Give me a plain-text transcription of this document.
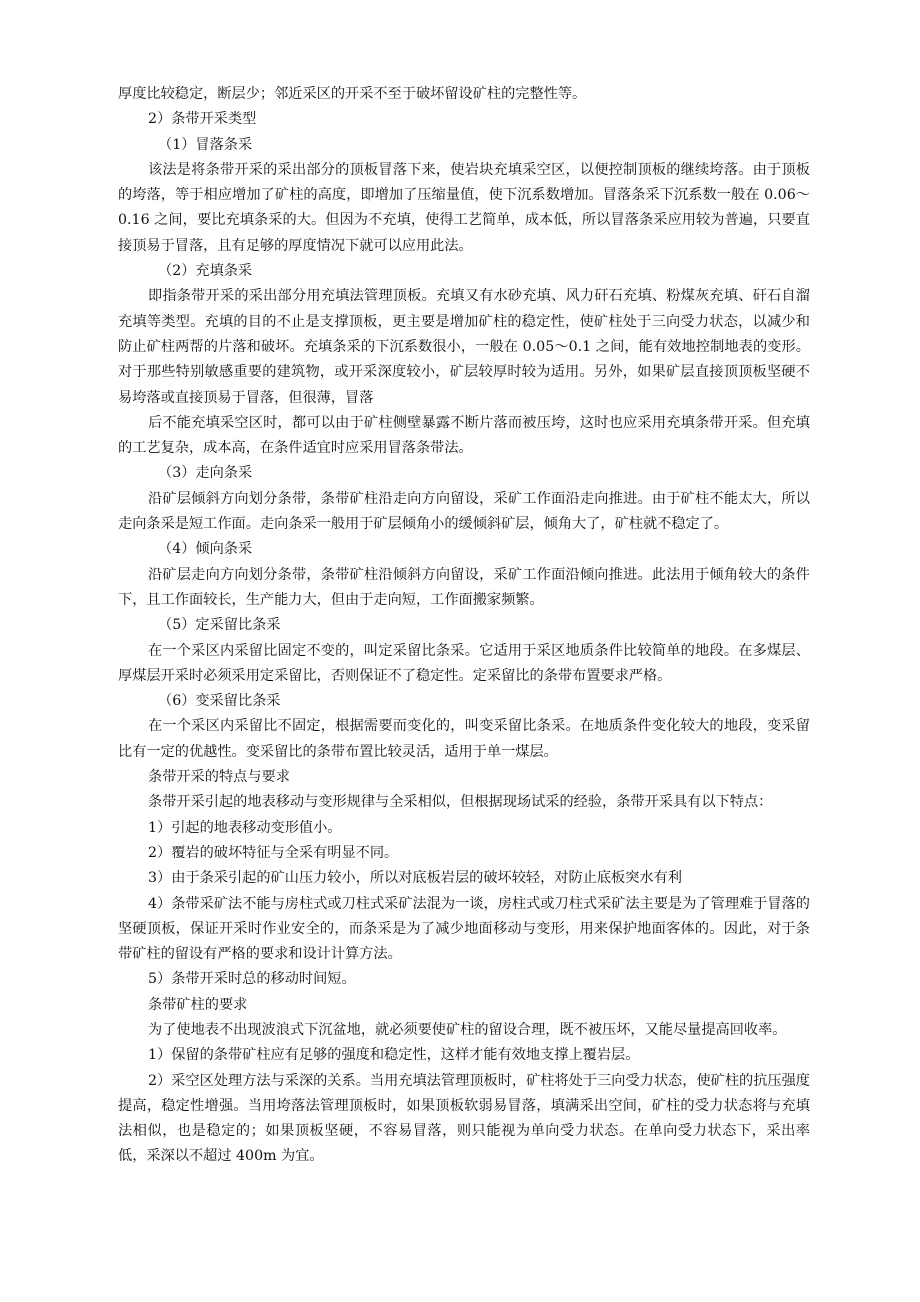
厚度比较稳定，断层少；邻近采区的开采不至于破坏留设矿柱的完整性等。

2）条带开采类型

（1）冒落条采

该法是将条带开采的采出部分的顶板冒落下来，使岩块充填采空区，以便控制顶板的继续垮落。由于顶板的垮落，等于相应增加了矿柱的高度，即增加了压缩量值，使下沉系数增加。冒落条采下沉系数一般在 0.06～0.16 之间，要比充填条采的大。但因为不充填，使得工艺简单，成本低，所以冒落条采应用较为普遍，只要直接顶易于冒落，且有足够的厚度情况下就可以应用此法。

（2）充填条采

即指条带开采的采出部分用充填法管理顶板。充填又有水砂充填、风力矸石充填、粉煤灰充填、矸石自溜充填等类型。充填的目的不止是支撑顶板，更主要是增加矿柱的稳定性，使矿柱处于三向受力状态，以减少和防止矿柱两帮的片落和破坏。充填条采的下沉系数很小，一般在 0.05～0.1 之间，能有效地控制地表的变形。对于那些特别敏感重要的建筑物，或开采深度较小，矿层较厚时较为适用。另外，如果矿层直接顶顶板坚硬不易垮落或直接顶易于冒落，但很薄，冒落

后不能充填采空区时，都可以由于矿柱侧壁暴露不断片落而被压垮，这时也应采用充填条带开采。但充填的工艺复杂，成本高，在条件适宜时应采用冒落条带法。

（3）走向条采

沿矿层倾斜方向划分条带，条带矿柱沿走向方向留设，采矿工作面沿走向推进。由于矿柱不能太大，所以走向条采是短工作面。走向条采一般用于矿层倾角小的缓倾斜矿层，倾角大了，矿柱就不稳定了。

（4）倾向条采

沿矿层走向方向划分条带，条带矿柱沿倾斜方向留设，采矿工作面沿倾向推进。此法用于倾角较大的条件下，且工作面较长，生产能力大，但由于走向短，工作面搬家频繁。

（5）定采留比条采

在一个采区内采留比固定不变的，叫定采留比条采。它适用于采区地质条件比较简单的地段。在多煤层、厚煤层开采时必须采用定采留比，否则保证不了稳定性。定采留比的条带布置要求严格。

（6）变采留比条采

在一个采区内采留比不固定，根据需要而变化的，叫变采留比条采。在地质条件变化较大的地段，变采留比有一定的优越性。变采留比的条带布置比较灵活，适用于单一煤层。

条带开采的特点与要求

条带开采引起的地表移动与变形规律与全采相似，但根据现场试采的经验，条带开采具有以下特点：

1）引起的地表移动变形值小。

2）覆岩的破坏特征与全采有明显不同。

3）由于条采引起的矿山压力较小，所以对底板岩层的破坏较轻，对防止底板突水有利

4）条带采矿法不能与房柱式或刀柱式采矿法混为一谈，房柱式或刀柱式采矿法主要是为了管理难于冒落的坚硬顶板，保证开采时作业安全的，而条采是为了减少地面移动与变形，用来保护地面客体的。因此，对于条带矿柱的留设有严格的要求和设计计算方法。

5）条带开采时总的移动时间短。

条带矿柱的要求

为了使地表不出现波浪式下沉盆地，就必须要使矿柱的留设合理，既不被压坏，又能尽量提高回收率。

1）保留的条带矿柱应有足够的强度和稳定性，这样才能有效地支撑上覆岩层。

2）采空区处理方法与采深的关系。当用充填法管理顶板时，矿柱将处于三向受力状态，使矿柱的抗压强度提高，稳定性增强。当用垮落法管理顶板时，如果顶板软弱易冒落，填满采出空间，矿柱的受力状态将与充填法相似，也是稳定的；如果顶板坚硬，不容易冒落，则只能视为单向受力状态。在单向受力状态下，采出率低，采深以不超过 400m 为宜。
